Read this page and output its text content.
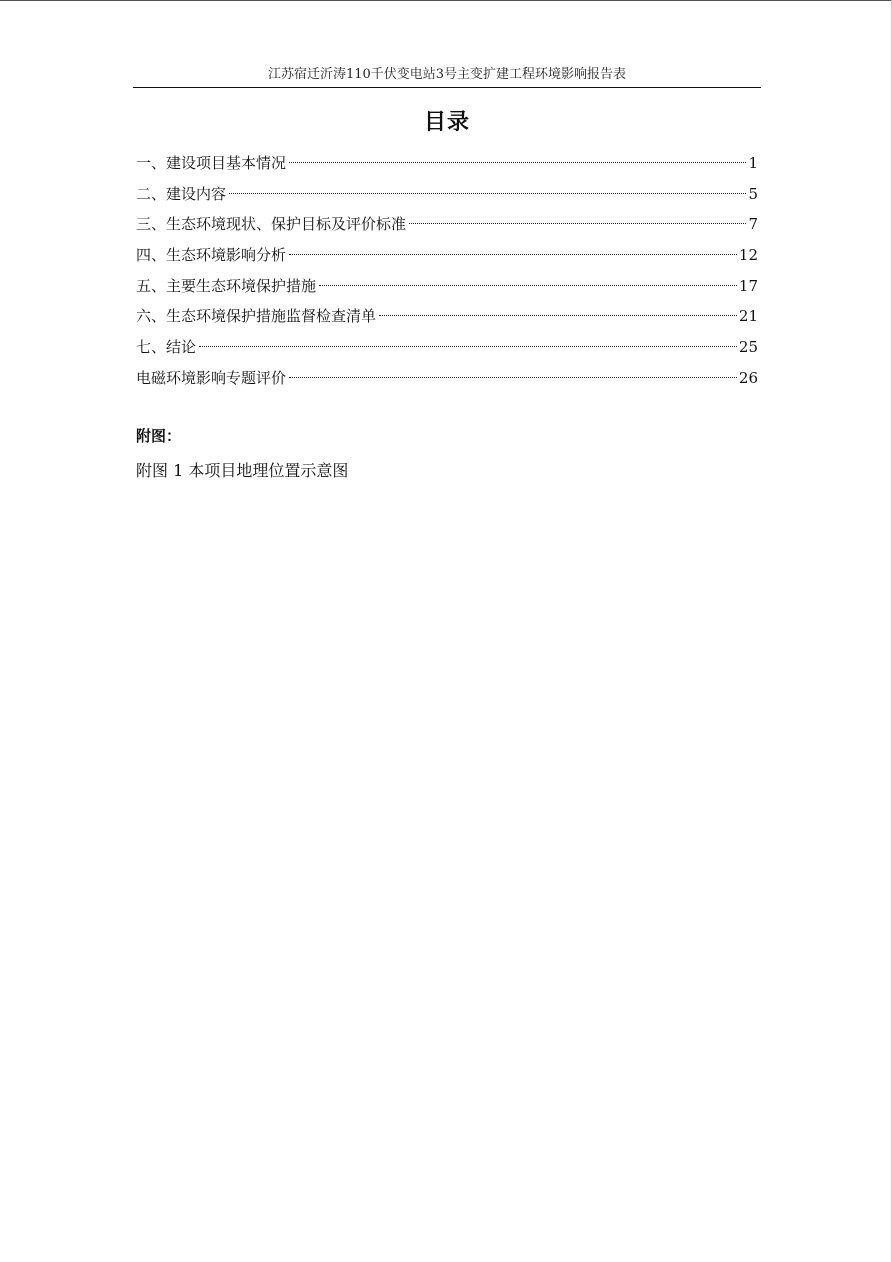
江苏宿迁沂涛110千伏变电站3号主变扩建工程环境影响报告表
目录
一、建设项目基本情况	1
二、建设内容	5
三、生态环境现状、保护目标及评价标准	7
四、生态环境影响分析	12
五、主要生态环境保护措施	17
六、生态环境保护措施监督检查清单	21
七、结论	25
电磁环境影响专题评价	26
附图：
附图 1 本项目地理位置示意图
